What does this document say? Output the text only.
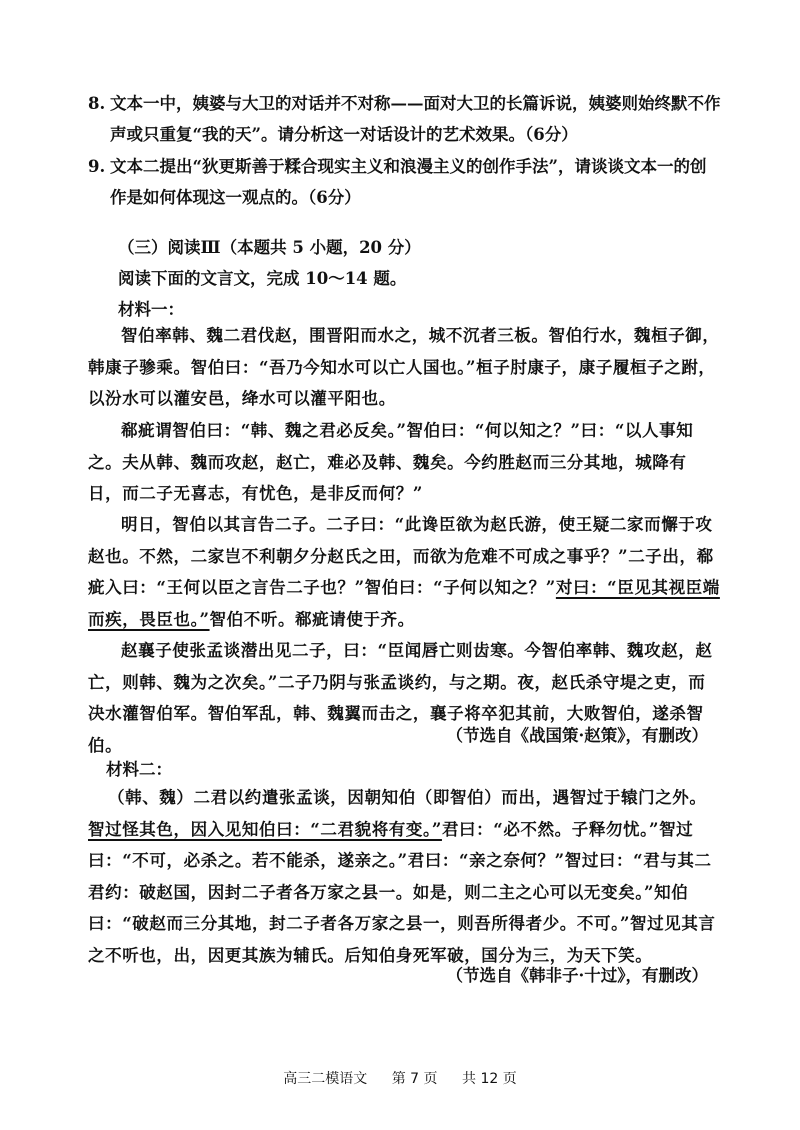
8. 文本一中，姨婆与大卫的对话并不对称——面对大卫的长篇诉说，姨婆则始终默不作
声或只重复“我的天”。请分析这一对话设计的艺术效果。（6分）
9. 文本二提出“狄更斯善于糅合现实主义和浪漫主义的创作手法”，请谈谈文本一的创
作是如何体现这一观点的。（6分）
（三）阅读Ⅲ（本题共 5 小题，20 分）
阅读下面的文言文，完成 10～14 题。
材料一：
智伯率韩、魏二君伐赵，围晋阳而水之，城不沉者三板。智伯行水，魏桓子御，韩康子骖乘。智伯曰：“吾乃今知水可以亡人国也。”桓子肘康子，康子履桓子之跗，以汾水可以灌安邑，绛水可以灌平阳也。
郗疵谓智伯曰：“韩、魏之君必反矣。”智伯曰：“何以知之？”曰：“以人事知之。夫从韩、魏而攻赵，赵亡，难必及韩、魏矣。今约胜赵而三分其地，城降有日，而二子无喜志，有忧色，是非反而何？”
明日，智伯以其言告二子。二子曰：“此谗臣欲为赵氏游，使王疑二家而懈于攻赵也。不然，二家岂不利朝夕分赵氏之田，而欲为危难不可成之事乎？”二子出，郗疵入曰：“王何以臣之言告二子也？”智伯曰：“子何以知之？”对曰：“臣见其视臣端而疾，畏臣也。”智伯不听。郗疵请使于齐。
赵襄子使张孟谈潜出见二子，曰：“臣闻唇亡则齿寒。今智伯率韩、魏攻赵，赵亡，则韩、魏为之次矣。”二子乃阴与张孟谈约，与之期。夜，赵氏杀守堤之吏，而决水灌智伯军。智伯军乱，韩、魏翼而击之，襄子将卒犯其前，大败智伯，遂杀智伯。
（节选自《战国策·赵策》，有删改）
材料二：
（韩、魏）二君以约遣张孟谈，因朝知伯（即智伯）而出，遇智过于辕门之外。智过怪其色，因入见知伯曰：“二君貌将有变。”君曰：“必不然。子释勿忧。”智过曰：“不可，必杀之。若不能杀，遂亲之。”君曰：“亲之奈何？”智过曰：“君与其二君约：破赵国，因封二子者各万家之县一。如是，则二主之心可以无变矣。”知伯曰：“破赵而三分其地，封二子者各万家之县一，则吾所得者少。不可。”智过见其言之不听也，出，因更其族为辅氏。后知伯身死军破，国分为三，为天下笑。
（节选自《韩非子·十过》，有删改）
高三二模语文 第 7 页 共 12 页
